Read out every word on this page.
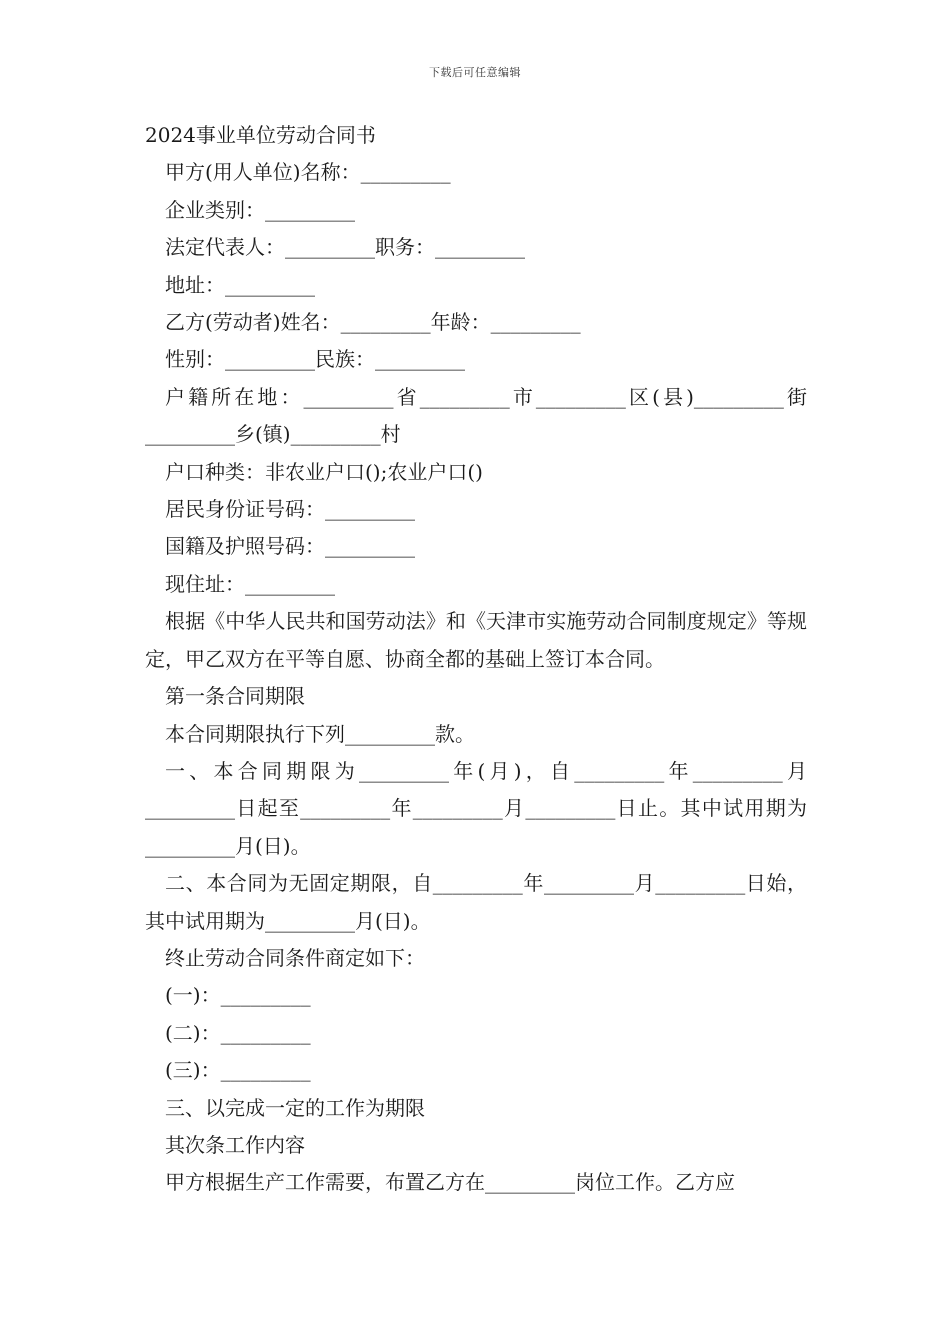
下载后可任意编辑
2024事业单位劳动合同书

甲方(用人单位)名称：_________

企业类别：_________

法定代表人：_________职务：_________

地址：_________

乙方(劳动者)姓名：_________年龄：_________

性别：_________民族：_________

户籍所在地：_________省_________市_________区(县)_________街_________乡(镇)_________村

户口种类：非农业户口();农业户口()

居民身份证号码：_________

国籍及护照号码：_________

现住址：_________

根据《中华人民共和国劳动法》和《天津市实施劳动合同制度规定》等规定，甲乙双方在平等自愿、协商全都的基础上签订本合同。

第一条合同期限

本合同期限执行下列_________款。

一、本合同期限为_________年(月)，自_________年_________月_________日起至_________年_________月_________日止。其中试用期为_________月(日)。

二、本合同为无固定期限，自_________年_________月_________日始，其中试用期为_________月(日)。

终止劳动合同条件商定如下：

(一)：_________

(二)：_________

(三)：_________

三、以完成一定的工作为期限

其次条工作内容

甲方根据生产工作需要，布置乙方在_________岗位工作。乙方应
